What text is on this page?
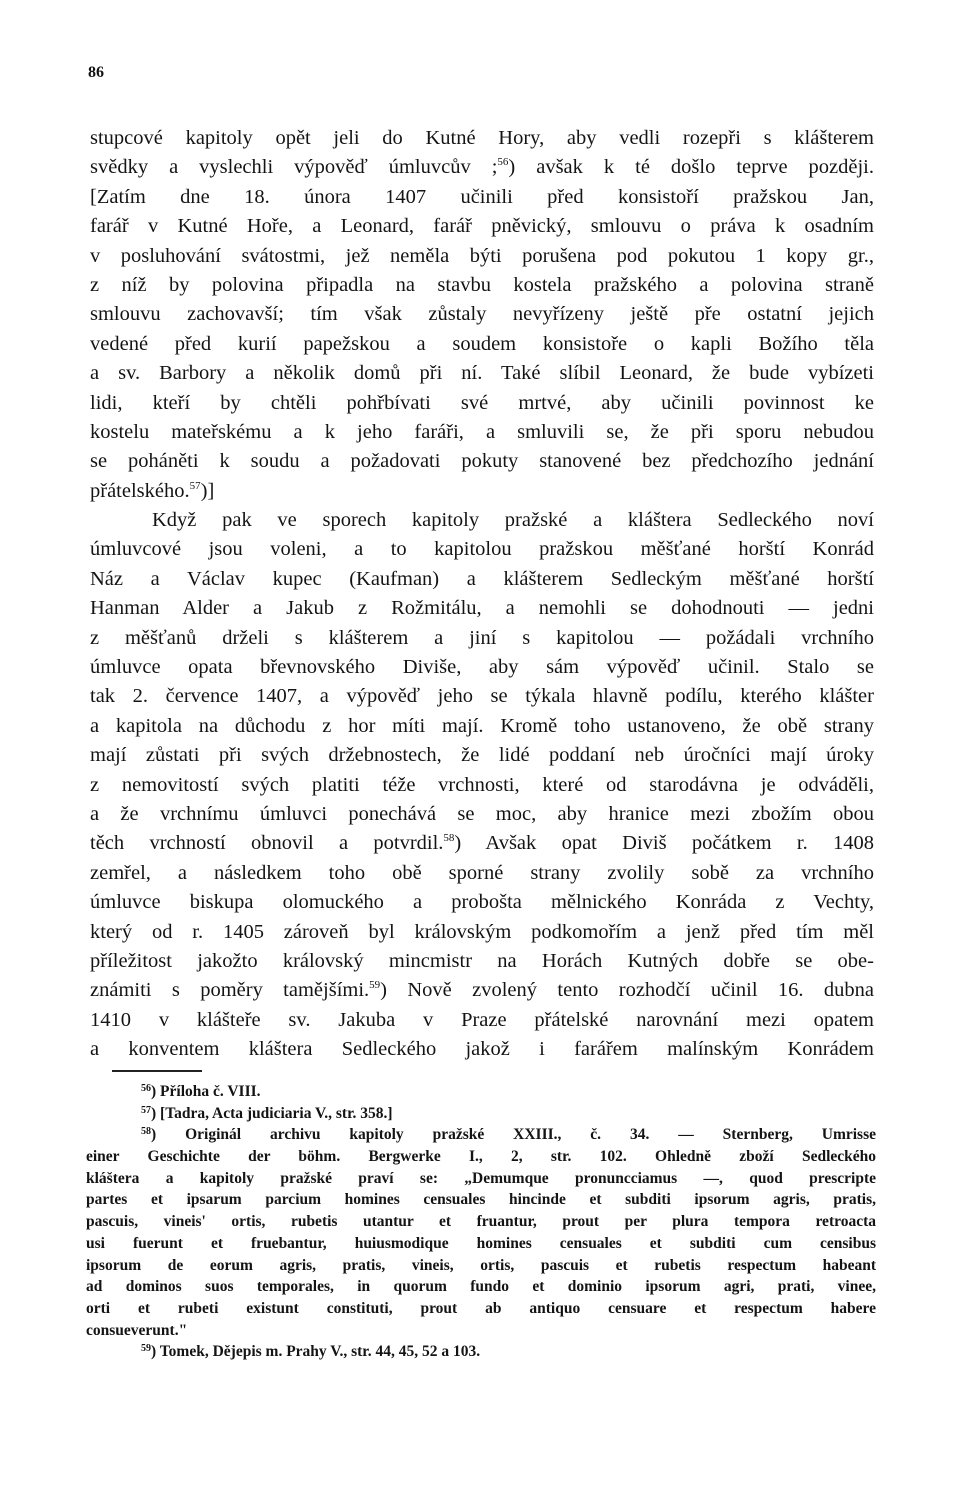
86
stupcové kapitoly opět jeli do Kutné Hory, aby vedli rozepři s klášterem
svědky a vyslechli výpověď úmluvcův ;$^{56}$) avšak k té došlo teprve později.
[Zatím dne 18. února 1407 učinili před konsistoří pražskou Jan,
farář v Kutné Hoře, a Leonard, farář pněvický, smlouvu o práva k osadním
v posluhování svátostmi, jež neměla býti porušena pod pokutou 1 kopy gr.,
z níž by polovina připadla na stavbu kostela pražského a polovina straně
smlouvu zachovavší; tím však zůstaly nevyřízeny ještě pře ostatní jejich
vedené před kurií papežskou a soudem konsistoře o kapli Božího těla
a sv. Barbory a několik domů při ní. Také slíbil Leonard, že bude vybízeti
lidi, kteří by chtěli pohřbívati své mrtvé, aby učinili povinnost ke
kostelu mateřskému a k jeho faráři, a smluvili se, že při sporu nebudou
se poháněti k soudu a požadovati pokuty stanovené bez předchozího jednání
přátelského.$^{57}$)]
Když pak ve sporech kapitoly pražské a kláštera Sedleckého noví
úmluvcové jsou voleni, a to kapitolou pražskou měšťané horští Konrád
Náz a Václav kupec (Kaufman) a klášterem Sedleckým měšťané horští
Hanman Alder a Jakub z Rožmitálu, a nemohli se dohodnouti — jedni
z měšťanů drželi s klášterem a jiní s kapitolou — požádali vrchního
úmluvce opata břevnovského Diviše, aby sám výpověď učinil. Stalo se
tak 2. července 1407, a výpověď jeho se týkala hlavně podílu, kterého klášter
a kapitola na důchodu z hor míti mají. Kromě toho ustanoveno, že obě strany
mají zůstati při svých držebnostech, že lidé poddaní neb úročníci mají úroky
z nemovitostí svých platiti téže vrchnosti, které od starodávna je odváděli,
a že vrchnímu úmluvci ponechává se moc, aby hranice mezi zbožím obou
těch vrchností obnovil a potvrdil.$^{58}$) Avšak opat Diviš počátkem r. 1408
zemřel, a následkem toho obě sporné strany zvolily sobě za vrchního
úmluvce biskupa olomuckého a probošta mělnického Konráda z Vechty,
který od r. 1405 zároveň byl královským podkomořím a jenž před tím měl
příležitost jakožto královský mincmistr na Horách Kutných dobře se obe-
známiti s poměry tamějšími.$^{59}$) Nově zvolený tento rozhodčí učinil 16. dubna
1410 v klášteře sv. Jakuba v Praze přátelské narovnání mezi opatem
a konventem kláštera Sedleckého jakož i farářem malínským Konrádem
$^{56}$) Příloha č. VIII.
$^{57}$) [Tadra, Acta judiciaria V., str. 358.]
$^{58}$) Originál archivu kapitoly pražské XXIII., č. 34. — Sternberg, Umrisse
einer Geschichte der böhm. Bergwerke I., 2, str. 102. Ohledně zboží Sedleckého
kláštera a kapitoly pražské praví se: „Demumque pronuncciamus —, quod prescripte
partes et ipsarum parcium homines censuales hincinde et subditi ipsorum agris, pratis,
pascuis, vineis' ortis, rubetis utantur et fruantur, prout per plura tempora retroacta
usi fuerunt et fruebantur, huiusmodique homines censuales et subditi cum censibus
ipsorum de eorum agris, pratis, vineis, ortis, pascuis et rubetis respectum habeant
ad dominos suos temporales, in quorum fundo et dominio ipsorum agri, prati, vinee,
orti et rubeti existunt constituti, prout ab antiquo censuare et respectum habere
consueverunt."
$^{59}$) Tomek, Dějepis m. Prahy V., str. 44, 45, 52 a 103.
